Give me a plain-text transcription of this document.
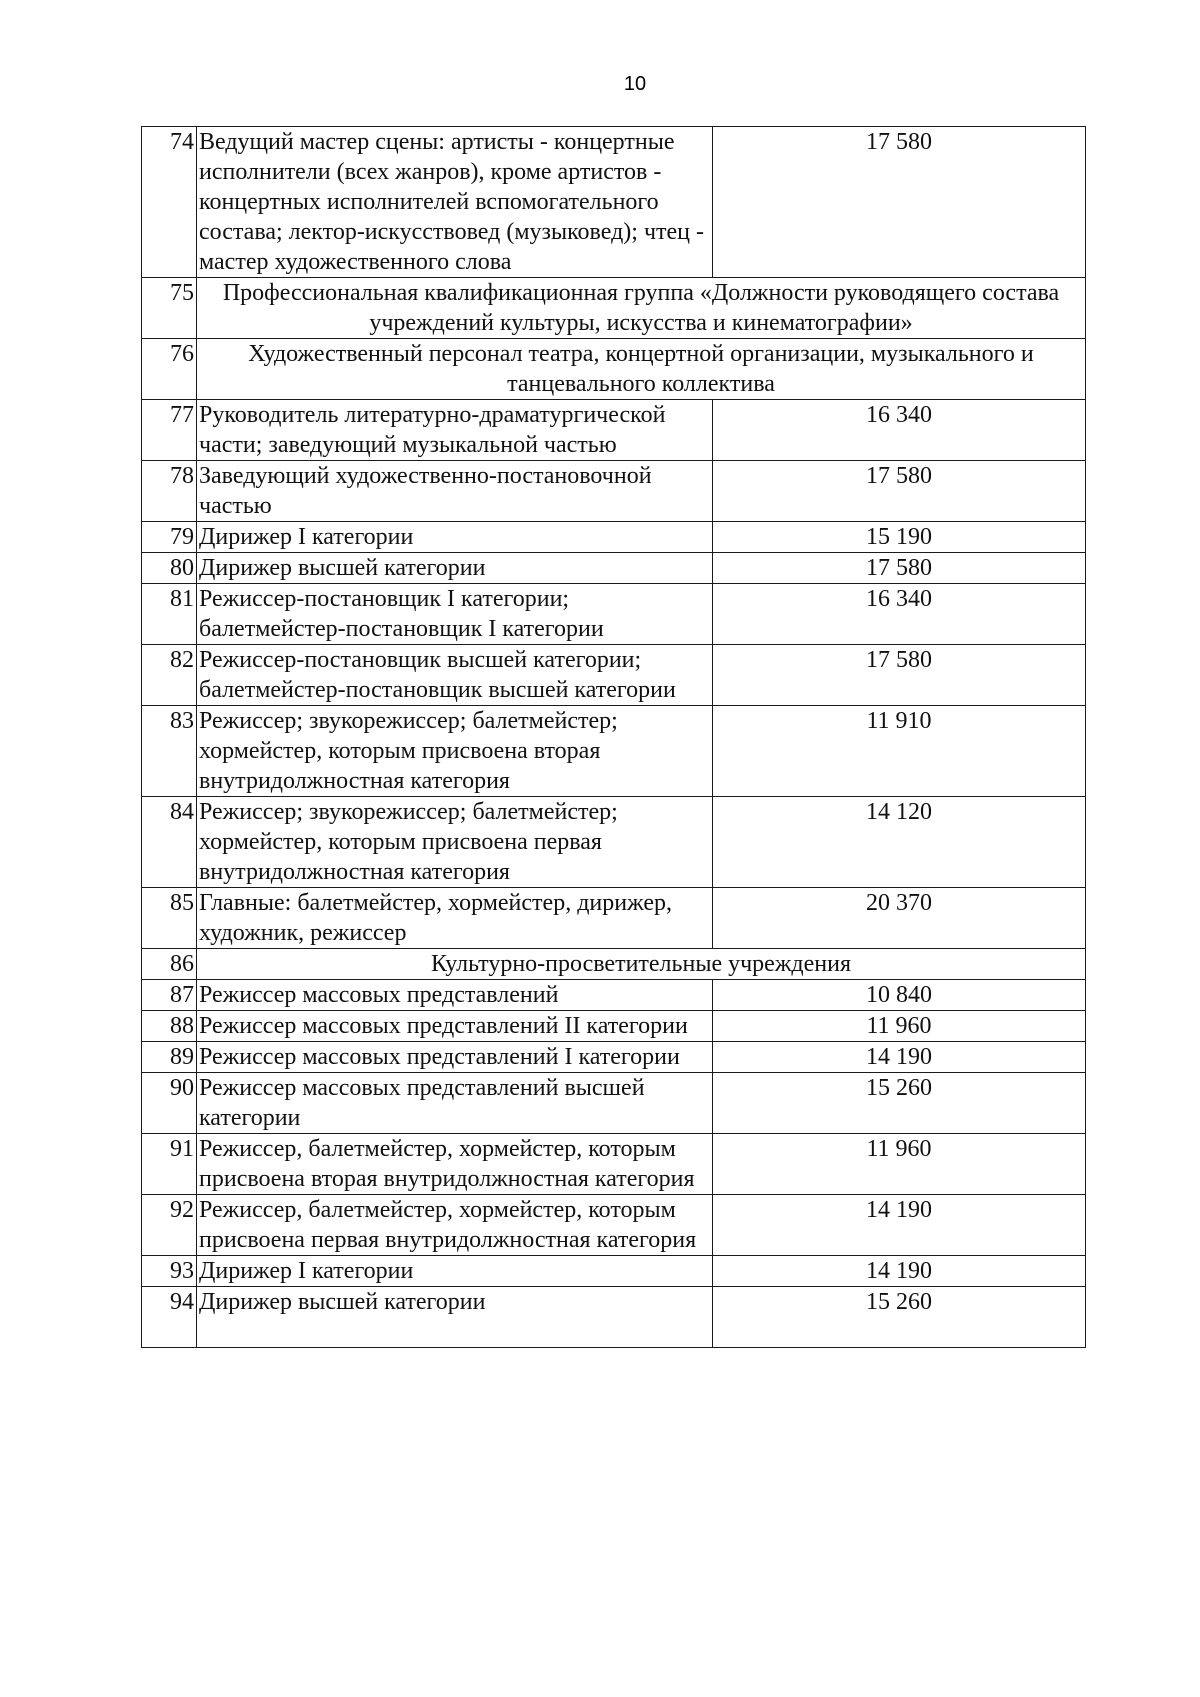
10
74	Ведущий мастер сцены: артисты - концертные исполнители (всех жанров), кроме артистов - концертных исполнителей вспомогательного состава; лектор-искусствовед (музыковед); чтец - мастер художественного слова	17 580
75	Профессиональная квалификационная группа «Должности руководящего состава учреждений культуры, искусства и кинематографии»	
76	Художественный персонал театра, концертной организации, музыкального и танцевального коллектива	
77	Руководитель литературно-драматургической части; заведующий музыкальной частью	16 340
78	Заведующий художественно-постановочной частью	17 580
79	Дирижер I категории	15 190
80	Дирижер высшей категории	17 580
81	Режиссер-постановщик I категории; балетмейстер-постановщик I категории	16 340
82	Режиссер-постановщик высшей категории; балетмейстер-постановщик высшей категории	17 580
83	Режиссер; звукорежиссер; балетмейстер; хормейстер, которым присвоена вторая внутридолжностная категория	11 910
84	Режиссер; звукорежиссер; балетмейстер; хормейстер, которым присвоена первая внутридолжностная категория	14 120
85	Главные: балетмейстер, хормейстер, дирижер, художник, режиссер	20 370
86	Культурно-просветительные учреждения	
87	Режиссер массовых представлений	10 840
88	Режиссер массовых представлений II категории	11 960
89	Режиссер массовых представлений I категории	14 190
90	Режиссер массовых представлений высшей категории	15 260
91	Режиссер, балетмейстер, хормейстер, которым присвоена вторая внутридолжностная категория	11 960
92	Режиссер, балетмейстер, хормейстер, которым присвоена первая внутридолжностная категория	14 190
93	Дирижер I категории	14 190
94	Дирижер высшей категории	15 260
